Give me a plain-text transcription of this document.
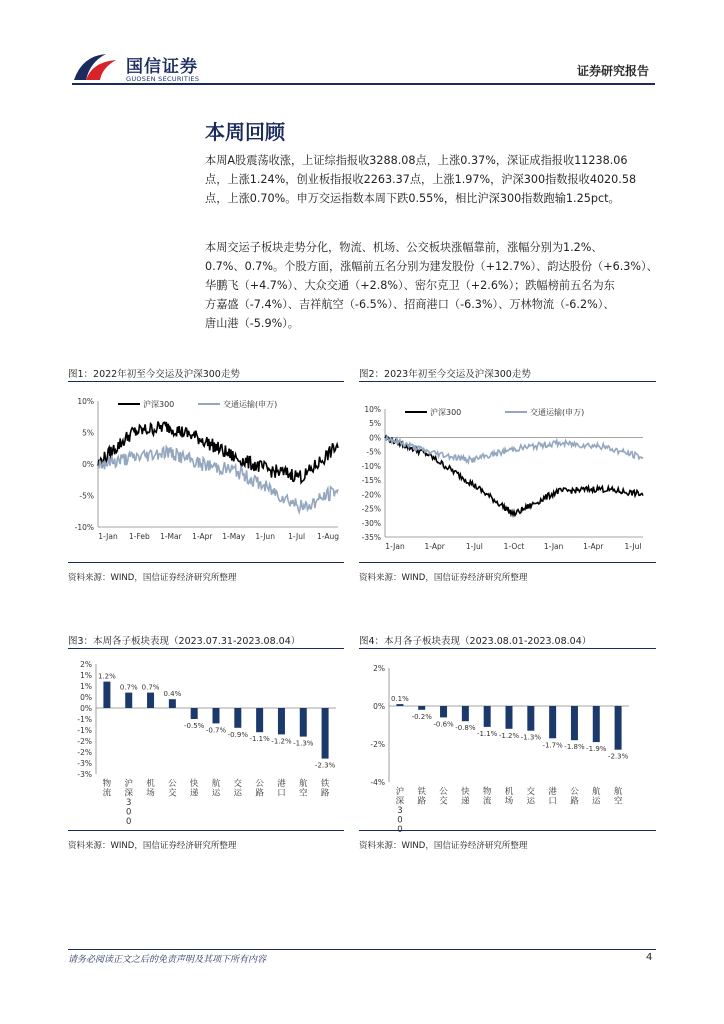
国信证券
GUOSEN SECURITIES
证券研究报告
本周回顾
本周A股震荡收涨，上证综指报收3288.08点，上涨0.37%，深证成指报收11238.06
点，上涨1.24%，创业板指报收2263.37点，上涨1.97%，沪深300指数报收4020.58
点，上涨0.70%。申万交运指数本周下跌0.55%，相比沪深300指数跑输1.25pct。
本周交运子板块走势分化，物流、机场、公交板块涨幅靠前，涨幅分别为1.2%、
0.7%、0.7%。个股方面，涨幅前五名分别为建发股份（+12.7%）、韵达股份（+6.3%）、
华鹏飞（+4.7%）、大众交通（+2.8%）、密尔克卫（+2.6%）；跌幅榜前五名为东
方嘉盛（-7.4%）、吉祥航空（-6.5%）、招商港口（-6.3%）、万林物流（-6.2%）、
唐山港（-5.9%）。
图1：2022年初至今交运及沪深300走势
10%
5%
0%
-5%
-10%
1-Jan 1-Feb 1-Mar 1-Apr 1-May 1-Jun 1-Jul 1-Aug
沪深300	交通运输(申万)
资料来源：WIND，国信证券经济研究所整理
图2：2023年初至今交运及沪深300走势
10%
5%
0%
-5%
-10%
-15%
-20%
-25%
-30%
-35%
1-Jan	1-Apr	1-Jul	1-Oct	1-Jan	1-Apr	1-Jul
沪深300	交通运输(申万)
资料来源：WIND，国信证券经济研究所整理
图3：本周各子板块表现（2023.07.31-2023.08.04）
2%
1%
1%
0%
0%
-1%
-1%
-2%
-2%
-3%
-3%
1.2%
物流
0.7%
沪深 3 0 0
0.7%
机场
0.4%
公交
-0.5%
快递
-0.7%
航运
-0.9%
交运
-1.1%
公路
-1.2%
港口
-1.3%
航空
-2.3%
铁路
资料来源：WIND，国信证券经济研究所整理
图4：本月各子板块表现（2023.08.01-2023.08.04）
2%
0%
-2%
-4%
0.1%
沪深 3 0
-0.2%
铁路
-0.6%
公交
-0.8%
快递
-1.1%
物流
-1.2%
机场
-1.3%
交运
-1.7%
港口
-1.8%
公路
-1.9%
航运
-2.3%
航空
资料来源：WIND，国信证券经济研究所整理
请务必阅读正文之后的免责声明及其项下所有内容	4
